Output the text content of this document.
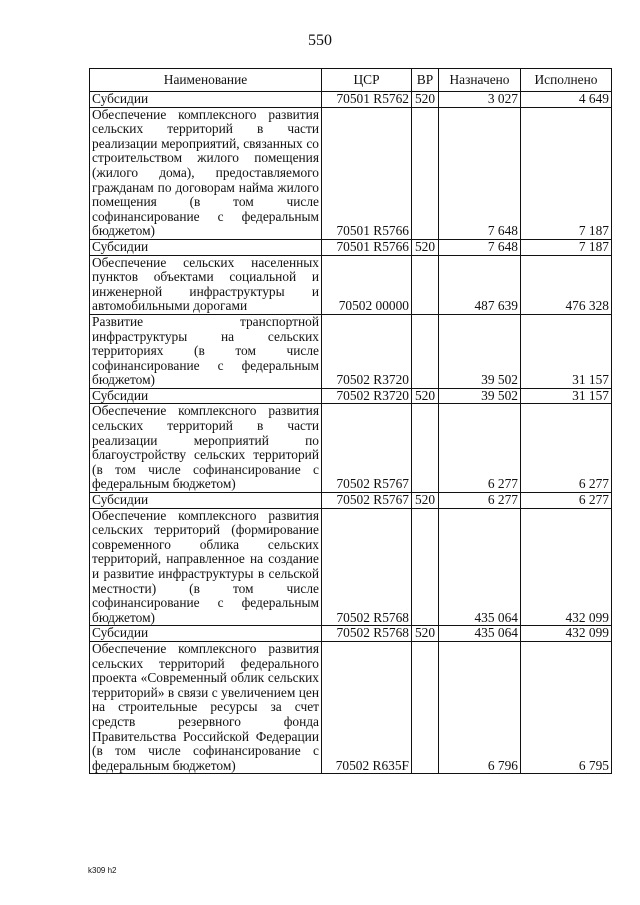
550
Наименование	ЦСР	ВР	Назначено	Исполнено
Субсидии	70501 R5762	520	3 027	4 649
Обеспечение комплексного развития сельских территорий в части реализации мероприятий, связанных со строительством жилого помещения (жилого дома), предоставляемого гражданам по договорам найма жилого помещения (в том числе софинансирование с федеральным бюджетом)	70501 R5766		7 648	7 187
Субсидии	70501 R5766	520	7 648	7 187
Обеспечение сельских населенных пунктов объектами социальной и инженерной инфраструктуры и автомобильными дорогами	70502 00000		487 639	476 328
Развитие транспортной инфраструктуры на сельских территориях (в том числе софинансирование с федеральным бюджетом)	70502 R3720		39 502	31 157
Субсидии	70502 R3720	520	39 502	31 157
Обеспечение комплексного развития сельских территорий в части реализации мероприятий по благоустройству сельских территорий (в том числе софинансирование с федеральным бюджетом)	70502 R5767		6 277	6 277
Субсидии	70502 R5767	520	6 277	6 277
Обеспечение комплексного развития сельских территорий (формирование современного облика сельских территорий, направленное на создание и развитие инфраструктуры в сельской местности) (в том числе софинансирование с федеральным бюджетом)	70502 R5768		435 064	432 099
Субсидии	70502 R5768	520	435 064	432 099
Обеспечение комплексного развития сельских территорий федерального проекта «Современный облик сельских территорий» в связи с увеличением цен на строительные ресурсы за счет средств резервного фонда Правительства Российской Федерации (в том числе софинансирование с федеральным бюджетом)	70502 R635F		6 796	6 795
k309 h2
